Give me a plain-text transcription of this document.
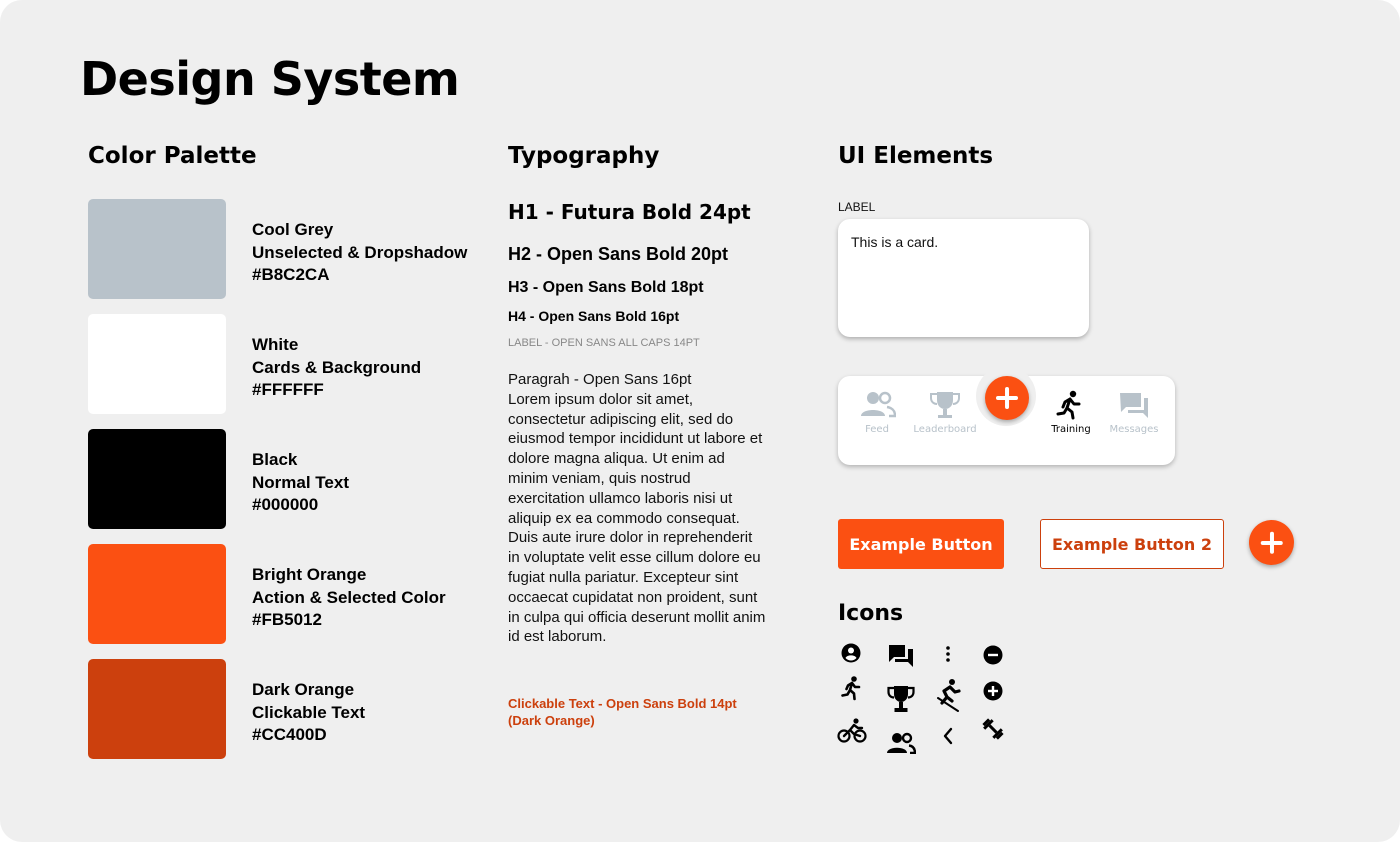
Design System
Color Palette
Cool Grey
Unselected & Dropshadow
#B8C2CA
White
Cards & Background
#FFFFFF
Black
Normal Text
#000000
Bright Orange
Action & Selected Color
#FB5012
Dark Orange
Clickable Text
#CC400D
Typography
H1 - Futura Bold 24pt
H2 - Open Sans Bold 20pt
H3 - Open Sans Bold 18pt
H4 - Open Sans Bold 16pt
LABEL - OPEN SANS ALL CAPS 14PT
Paragrah - Open Sans 16pt
Lorem ipsum dolor sit amet, consectetur adipiscing elit, sed do eiusmod tempor incididunt ut labore et dolore magna aliqua. Ut enim ad minim veniam, quis nostrud exercitation ullamco laboris nisi ut aliquip ex ea commodo consequat. Duis aute irure dolor in reprehenderit in voluptate velit esse cillum dolore eu fugiat nulla pariatur. Excepteur sint occaecat cupidatat non proident, sunt in culpa qui officia deserunt mollit anim id est laborum.
Clickable Text - Open Sans Bold 14pt (Dark Orange)
UI Elements
LABEL
This is a card.
Feed	Leaderboard	Training	Messages
Example Button	Example Button 2
Icons
